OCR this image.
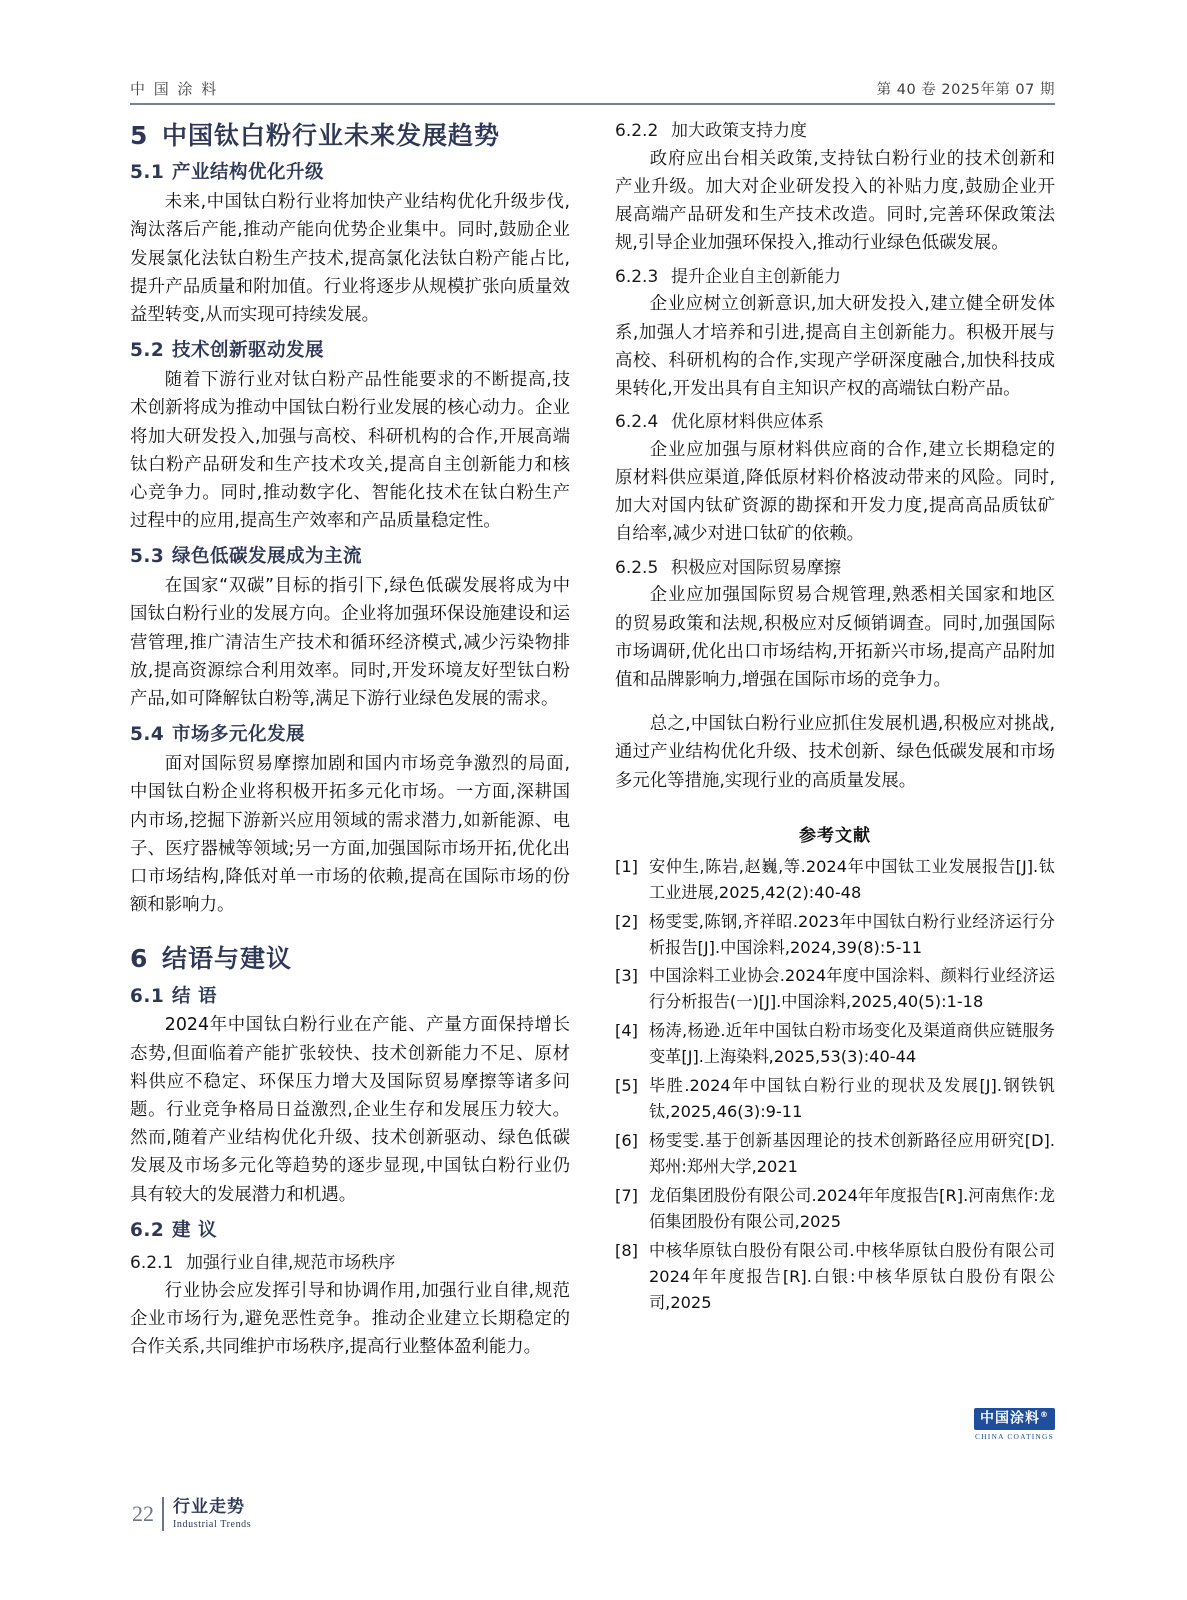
中 国 涂 料	第 40 卷 2025年第 07 期
5 中国钛白粉行业未来发展趋势
5.1 产业结构优化升级

未来,中国钛白粉行业将加快产业结构优化升级步伐,淘汰落后产能,推动产能向优势企业集中。同时,鼓励企业发展氯化法钛白粉生产技术,提高氯化法钛白粉产能占比,提升产品质量和附加值。行业将逐步从规模扩张向质量效益型转变,从而实现可持续发展。

5.2 技术创新驱动发展

随着下游行业对钛白粉产品性能要求的不断提高,技术创新将成为推动中国钛白粉行业发展的核心动力。企业将加大研发投入,加强与高校、科研机构的合作,开展高端钛白粉产品研发和生产技术攻关,提高自主创新能力和核心竞争力。同时,推动数字化、智能化技术在钛白粉生产过程中的应用,提高生产效率和产品质量稳定性。

5.3 绿色低碳发展成为主流

在国家“双碳”目标的指引下,绿色低碳发展将成为中国钛白粉行业的发展方向。企业将加强环保设施建设和运营管理,推广清洁生产技术和循环经济模式,减少污染物排放,提高资源综合利用效率。同时,开发环境友好型钛白粉产品,如可降解钛白粉等,满足下游行业绿色发展的需求。

5.4 市场多元化发展

面对国际贸易摩擦加剧和国内市场竞争激烈的局面,中国钛白粉企业将积极开拓多元化市场。一方面,深耕国内市场,挖掘下游新兴应用领域的需求潜力,如新能源、电子、医疗器械等领域;另一方面,加强国际市场开拓,优化出口市场结构,降低对单一市场的依赖,提高在国际市场的份额和影响力。

6 结语与建议
6.1 结 语

2024年中国钛白粉行业在产能、产量方面保持增长态势,但面临着产能扩张较快、技术创新能力不足、原材料供应不稳定、环保压力增大及国际贸易摩擦等诸多问题。行业竞争格局日益激烈,企业生存和发展压力较大。然而,随着产业结构优化升级、技术创新驱动、绿色低碳发展及市场多元化等趋势的逐步显现,中国钛白粉行业仍具有较大的发展潜力和机遇。

6.2 建 议
6.2.1 加强行业自律,规范市场秩序

行业协会应发挥引导和协调作用,加强行业自律,规范企业市场行为,避免恶性竞争。推动企业建立长期稳定的合作关系,共同维护市场秩序,提高行业整体盈利能力。

6.2.2 加大政策支持力度

政府应出台相关政策,支持钛白粉行业的技术创新和产业升级。加大对企业研发投入的补贴力度,鼓励企业开展高端产品研发和生产技术改造。同时,完善环保政策法规,引导企业加强环保投入,推动行业绿色低碳发展。

6.2.3 提升企业自主创新能力

企业应树立创新意识,加大研发投入,建立健全研发体系,加强人才培养和引进,提高自主创新能力。积极开展与高校、科研机构的合作,实现产学研深度融合,加快科技成果转化,开发出具有自主知识产权的高端钛白粉产品。

6.2.4 优化原材料供应体系

企业应加强与原材料供应商的合作,建立长期稳定的原材料供应渠道,降低原材料价格波动带来的风险。同时,加大对国内钛矿资源的勘探和开发力度,提高高品质钛矿自给率,减少对进口钛矿的依赖。

6.2.5 积极应对国际贸易摩擦

企业应加强国际贸易合规管理,熟悉相关国家和地区的贸易政策和法规,积极应对反倾销调查。同时,加强国际市场调研,优化出口市场结构,开拓新兴市场,提高产品附加值和品牌影响力,增强在国际市场的竞争力。

总之,中国钛白粉行业应抓住发展机遇,积极应对挑战,通过产业结构优化升级、技术创新、绿色低碳发展和市场多元化等措施,实现行业的高质量发展。

参考文献
[1] 安仲生,陈岩,赵巍,等.2024年中国钛工业发展报告[J].钛工业进展,2025,42(2):40-48
[2] 杨雯雯,陈钢,齐祥昭.2023年中国钛白粉行业经济运行分析报告[J].中国涂料,2024,39(8):5-11
[3] 中国涂料工业协会.2024年度中国涂料、颜料行业经济运行分析报告(一)[J].中国涂料,2025,40(5):1-18
[4] 杨涛,杨逊.近年中国钛白粉市场变化及渠道商供应链服务变革[J].上海染料,2025,53(3):40-44
[5] 毕胜.2024年中国钛白粉行业的现状及发展[J].钢铁钒钛,2025,46(3):9-11
[6] 杨雯雯.基于创新基因理论的技术创新路径应用研究[D].郑州:郑州大学,2021
[7] 龙佰集团股份有限公司.2024年年度报告[R].河南焦作:龙佰集团股份有限公司,2025
[8] 中核华原钛白股份有限公司.中核华原钛白股份有限公司2024年年度报告[R].白银:中核华原钛白股份有限公司,2025
中国涂料®
CHINA COATINGS
22 行业走势
Industrial Trends
